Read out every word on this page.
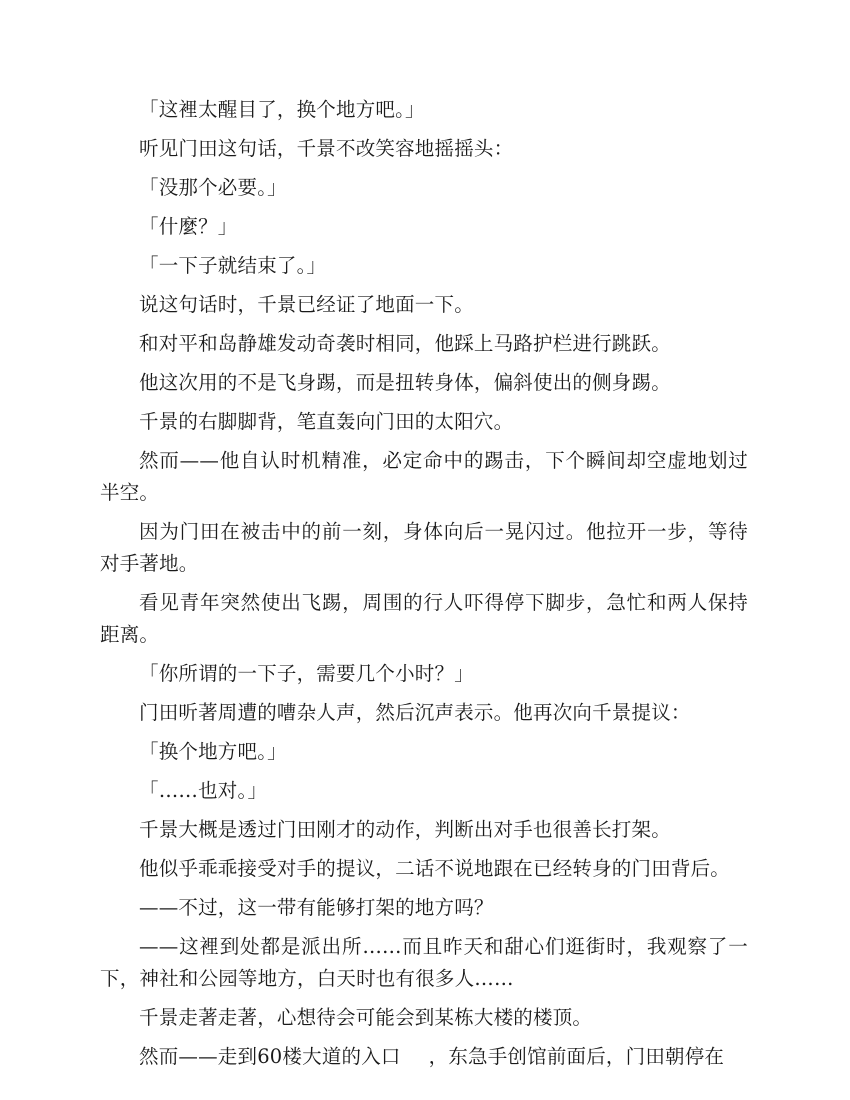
「这裡太醒目了，换个地方吧。」

听见门田这句话，千景不改笑容地摇摇头：

「没那个必要。」

「什麼？」

「一下子就结束了。」

说这句话时，千景已经证了地面一下。

和对平和岛静雄发动奇袭时相同，他踩上马路护栏进行跳跃。

他这次用的不是飞身踢，而是扭转身体，偏斜使出的侧身踢。

千景的右脚脚背，笔直轰向门田的太阳穴。

然而——他自认时机精准，必定命中的踢击，下个瞬间却空虚地划过半空。

因为门田在被击中的前一刻，身体向后一晃闪过。他拉开一步，等待对手著地。

看见青年突然使出飞踢，周围的行人吓得停下脚步，急忙和两人保持距离。

「你所谓的一下子，需要几个小时？」

门田听著周遭的嘈杂人声，然后沉声表示。他再次向千景提议：

「换个地方吧。」

「……也对。」

千景大概是透过门田刚才的动作，判断出对手也很善长打架。

他似乎乖乖接受对手的提议，二话不说地跟在已经转身的门田背后。

——不过，这一带有能够打架的地方吗？

——这裡到处都是派出所……而且昨天和甜心们逛街时，我观察了一下，神社和公园等地方，白天时也有很多人……

千景走著走著，心想待会可能会到某栋大楼的楼顶。

然而——走到60楼大道的入口 ，东急手创馆前面后，门田朝停在
